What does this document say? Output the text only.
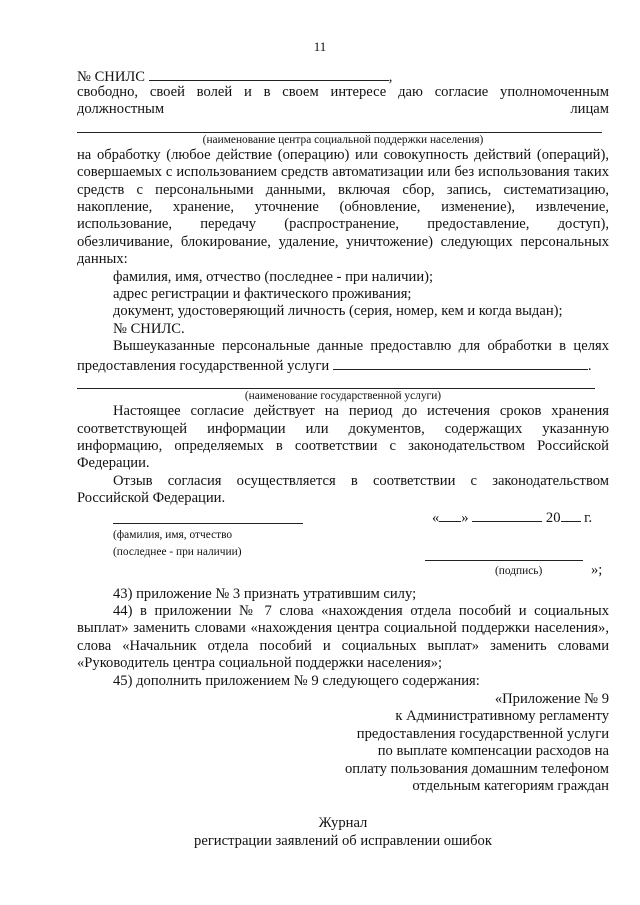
11
№ СНИЛС	,
свободно, своей волей и в своем интересе даю согласие уполномоченным должностным	лицам
(наименование центра социальной поддержки населения)
на обработку (любое действие (операцию) или совокупность действий (операций), совершаемых с использованием средств автоматизации или без использования таких средств с персональными данными, включая сбор, запись, систематизацию, накопление, хранение, уточнение (обновление, изменение), извлечение, использование, передачу (распространение, предоставление, доступ), обезличивание, блокирование, удаление, уничтожение) следующих персональных данных:
фамилия, имя, отчество (последнее - при наличии);
адрес регистрации и фактического проживания;
документ, удостоверяющий личность (серия, номер, кем и когда выдан);
№ СНИЛС.
Вышеуказанные персональные данные предоставлю для обработки в целях предоставления государственной услуги	.
(наименование государственной услуги)
Настоящее согласие действует на период до истечения сроков хранения соответствующей информации или документов, содержащих указанную информацию, определяемых в соответствии с законодательством Российской Федерации.
Отзыв согласия осуществляется в соответствии с законодательством Российской Федерации.
(фамилия, имя, отчество
(последнее - при наличии)
« »	20 г.
(подпись)	»;
43) приложение № 3 признать утратившим силу;
44) в приложении № 7 слова «нахождения отдела пособий и социальных выплат» заменить словами «нахождения центра социальной поддержки населения», слова «Начальник отдела пособий и социальных выплат» заменить словами «Руководитель центра социальной поддержки населения»;
45) дополнить приложением № 9 следующего содержания:
«Приложение № 9
к Административному регламенту
предоставления государственной услуги
по выплате компенсации расходов на
оплату пользования домашним телефоном
отдельным категориям граждан
Журнал
регистрации заявлений об исправлении ошибок
